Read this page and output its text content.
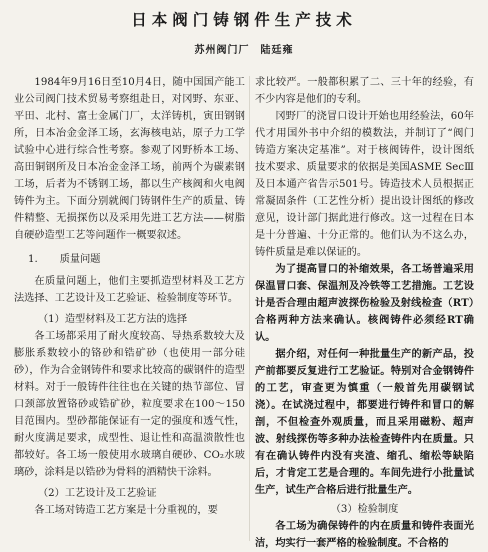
日本阀门铸钢件生产技术
苏州阀门厂　陆廷雍

1984年9月16日至10月4日，随中国国产能工业公司阀门技术贸易考察组赴日，对冈野、东亚、平田、北村、富士金属门厂，太洋铸机，寅田钢钢所，日本冶金金泽工场，玄海核电站，原子力工学试验中心进行综合性考察。参观了冈野桥本工场、高田铜钢所及日本冶金金泽工场，前两个为碳素钢工场，后者为不锈钢工场，都以生产核阀和火电阀铸件为主。下面分别就阀门铸钢件生产的质量、铸件精整、无损探伤以及采用先进工艺方法——树脂自硬砂造型工艺等问题作一概要叙述。

1. 质量问题

在质量问题上，他们主要抓造型材料及工艺方法选择、工艺设计及工艺验证、检验制度等环节。

（1）造型材料及工艺方法的选择

各工场都采用了耐火度较高、导热系数较大及膨胀系数较小的铬砂和锆矿砂（也使用一部分硅砂），作为合金钢铸件和要求比较高的碳钢件的造型材料。对于一般铸件往往也在关键的热节部位、冒口颈部放置铬砂或锆矿砂，粒度要求在100～150目范围内。型砂都能保证有一定的强度和透气性，耐火度满足要求，成型性、退让性和高温溃散性也都较好。各工场一般使用水玻璃自硬砂、CO₂水玻璃砂，涂料是以锆砂为骨料的酒精快干涂料。

（2）工艺设计及工艺验证

各工场对铸造工艺方案是十分重视的，要

求比较严。一般都积累了二、三十年的经验，有不少内容是他们的专利。

冈野厂的浇冒口设计开始也用经验法，60年代才用国外书中介绍的模数法，并制订了“阀门铸造方案决定基准”。对于核阀铸件，设计图纸技术要求、质量要求的依据是美国ASME SecⅢ及日本通产省告示501号。铸造技术人员根据正常凝固条件（工艺性分析）提出设计图纸的修改意见，设计部门据此进行修改。这一过程在日本是十分普遍、十分正常的。他们认为不这么办，铸件质量是难以保证的。

为了提高冒口的补缩效果，各工场普遍采用保温冒口套、保温剂及冷铁等工艺措施。工艺设计是否合理由超声波探伤检验及射线检查（RT）合格两种方法来确认。核阀铸件必须经RT确认。

据介绍，对任何一种批量生产的新产品，投产前都要反复进行工艺验证。特别对合金钢铸件的工艺，审查更为慎重（一般首先用碳钢试浇）。在试浇过程中，都要进行铸件和冒口的解剖，不但检查外观质量，而且采用磁粉、超声波、射线探伤等多种办法检查铸件内在质量。只有在确认铸件内没有夹渣、缩孔、缩松等缺陷后，才肯定工艺是合理的。车间先进行小批量试生产，试生产合格后进行批量生产。

（3）检验制度

各工场为确保铸件的内在质量和铸件表面光洁，均实行一套严格的检验制度。不合格的
